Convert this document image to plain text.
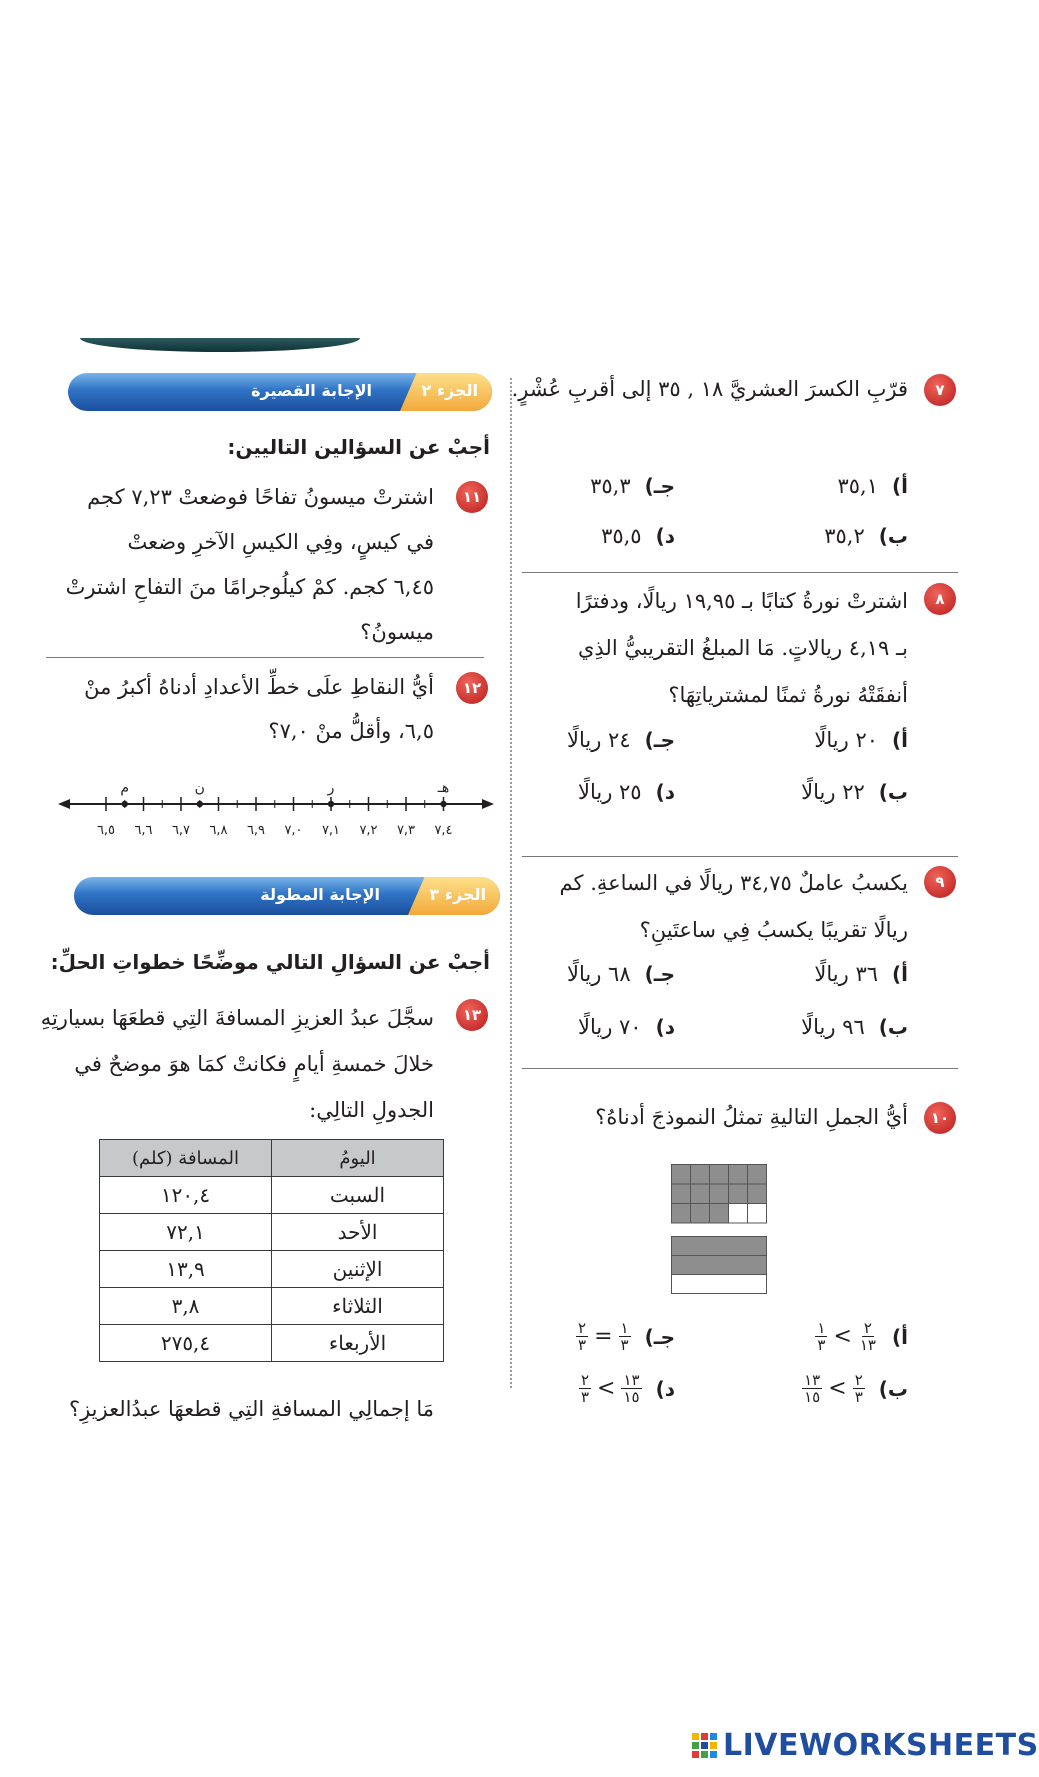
٧
قرّبِ الكسرَ العشريَّ ١٨ , ٣٥ إلى أقربِ عُشْرٍ.
أ)
٣٥,١
جـ)
٣٥,٣
ب)
٣٥,٢
د)
٣٥,٥
٨
اشترتْ نورةُ كتابًا بـ ١٩,٩٥ ريالًا، ودفترًا
بـ ٤,١٩ ريالاتٍ. مَا المبلغُ التقريبيُّ الذِي
أنفقَتْهُ نورةُ ثمنًا لمشترياتِهَا؟
أ)
٢٠ ريالًا
جـ)
٢٤ ريالًا
ب)
٢٢ ريالًا
د)
٢٥ ريالًا
٩
يكسبُ عاملٌ ٣٤,٧٥ ريالًا في الساعةِ. كم
ريالًا تقريبًا يكسبُ فِي ساعتَينِ؟
أ)
٣٦ ريالًا
جـ)
٦٨ ريالًا
ب)
٩٦ ريالًا
د)
٧٠ ريالًا
١٠
أيُّ الجملِ التاليةِ تمثلُ النموذجَ أدناهُ؟
أ)
$\frac{١}{٣} < \frac{٢}{١٣}$
جـ)
$\frac{٢}{٣} = \frac{١}{٣}$
ب)
$\frac{١٣}{١٥} < \frac{٢}{٣}$
د)
$\frac{٢}{٣} < \frac{١٣}{١٥}$
الجزء ٢
الإجابة القصيرة
أجبْ عن السؤالين التاليين:
١١
اشترتْ ميسونُ تفاحًا فوضعتْ ٧,٢٣ كجم
في كيسٍ، وفِي الكيسِ الآخرِ وضعتْ
٦,٤٥ كجم. كمْ كيلُوجرامًا منَ التفاحِ اشترتْ
ميسونُ؟
١٢
أيُّ النقاطِ علَى خطِّ الأعدادِ أدناهُ أكبرُ منْ
٦,٥، وأقلُّ منْ ٧,٠؟
٦,٥ ٦,٦ ٦,٧ ٦,٨ ٦,٩ ٧,٠ ٧,١ ٧,٢ ٧,٣ ٧,٤
م	ن	ر	هـ
الجزء ٣
الإجابة المطولة
أجبْ عن السؤالِ التالي موضِّحًا خطواتِ الحلِّ:
١٣
سجَّلَ عبدُ العزيزِ المسافةَ التِي قطعَهَا بسيارتِهِ
خلالَ خمسةِ أيامٍ فكانتْ كمَا هوَ موضحٌ في
الجدولِ التالِي:
اليومُ	المسافة (كلم)
السبت	١٢٠,٤
الأحد	٧٢,١
الإثنين	١٣,٩
الثلاثاء	٣,٨
الأربعاء	٢٧٥,٤
مَا إجمالِي المسافةِ التِي قطعهَا عبدُالعزيزِ؟
LIVEWORKSHEETS
